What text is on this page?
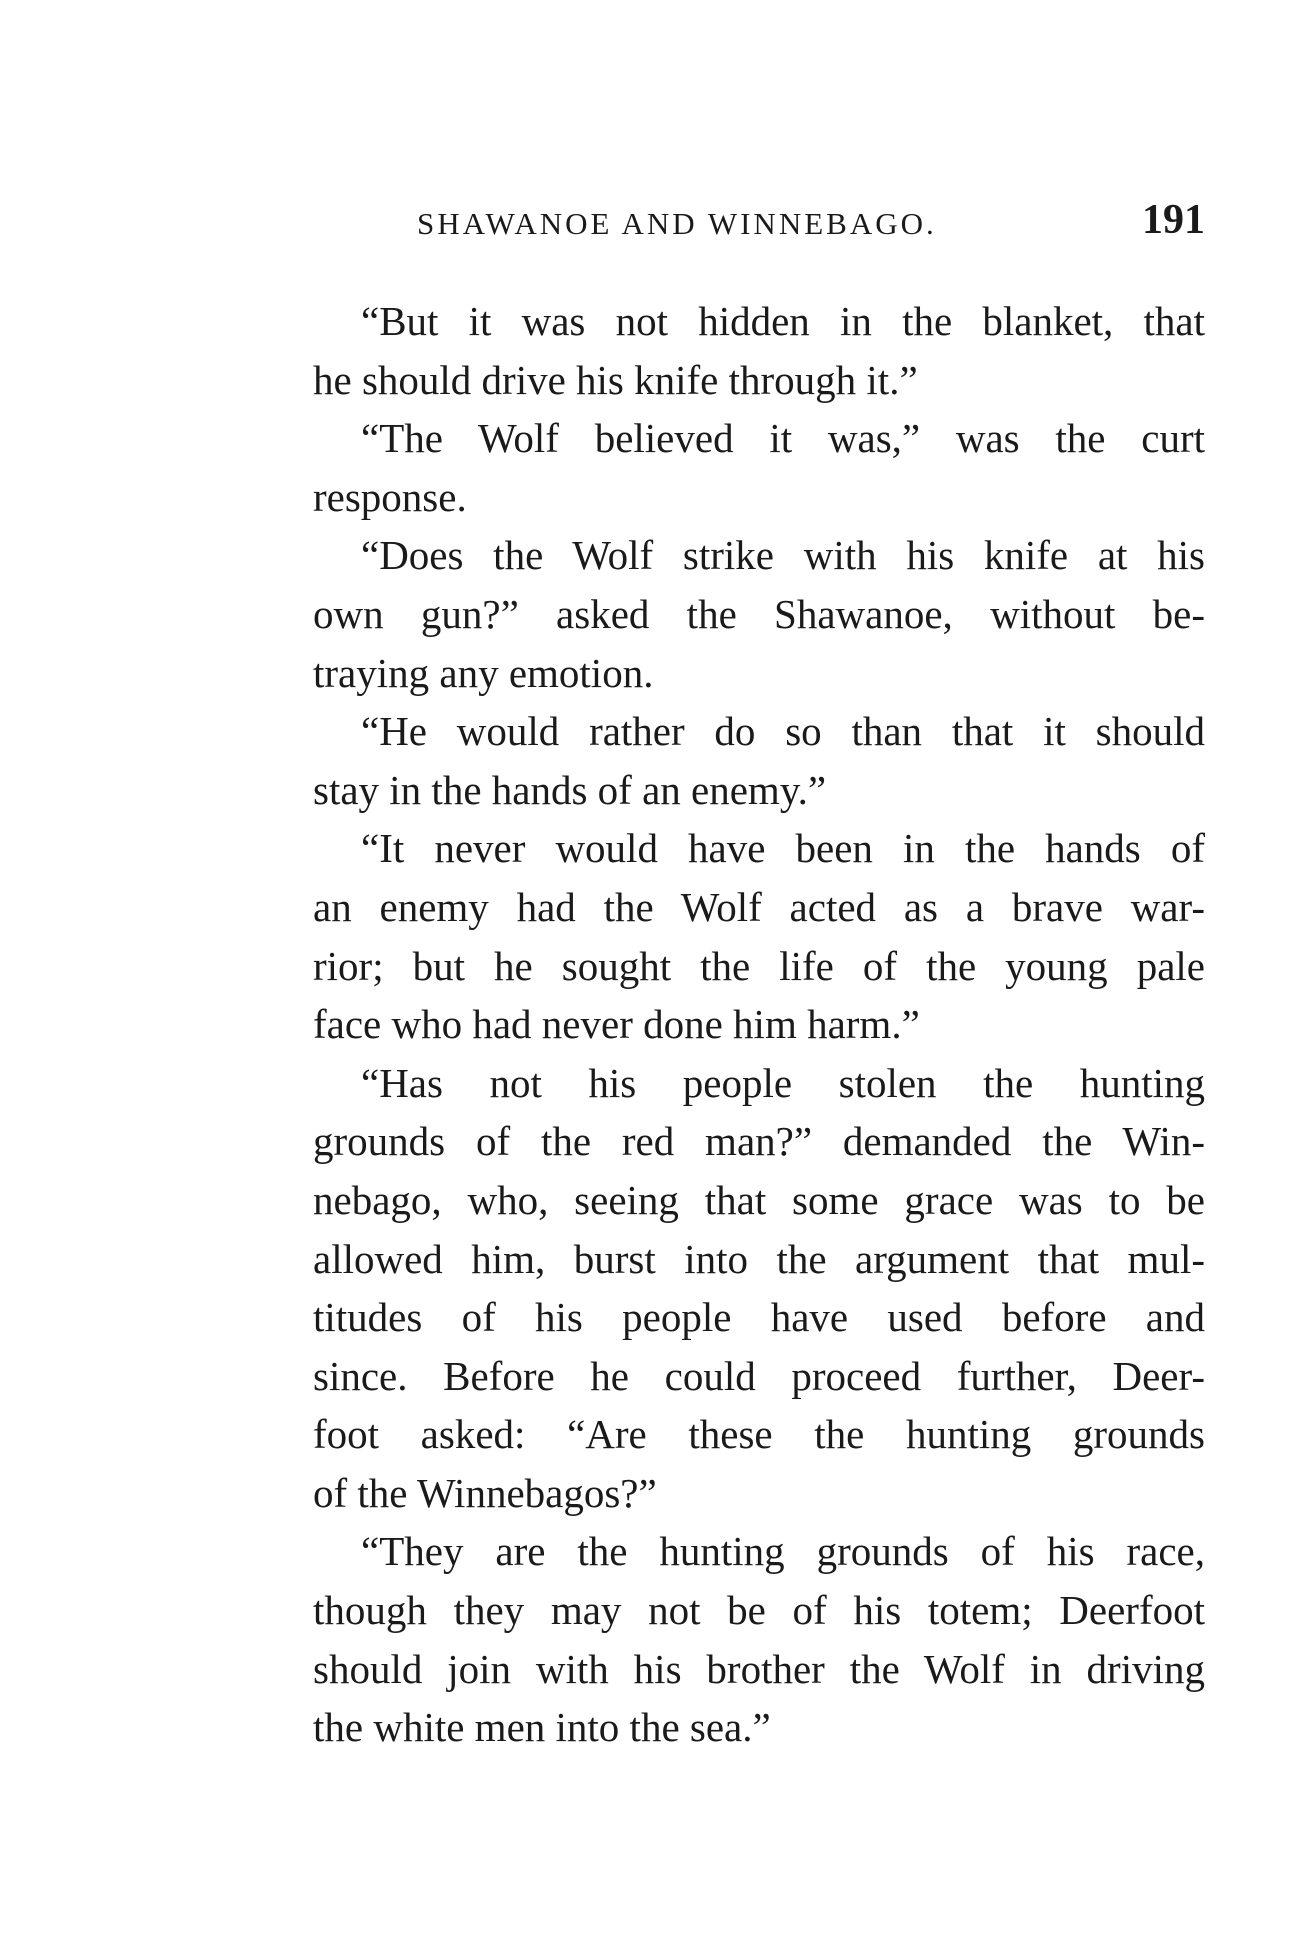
SHAWANOE AND WINNEBAGO.	191
“But it was not hidden in the blanket, that
he should drive his knife through it.”
“The Wolf believed it was,” was the curt
response.
“Does the Wolf strike with his knife at his
own gun?” asked the Shawanoe, without be-
traying any emotion.
“He would rather do so than that it should
stay in the hands of an enemy.”
“It never would have been in the hands of
an enemy had the Wolf acted as a brave war-
rior; but he sought the life of the young pale
face who had never done him harm.”
“Has not his people stolen the hunting
grounds of the red man?” demanded the Win-
nebago, who, seeing that some grace was to be
allowed him, burst into the argument that mul-
titudes of his people have used before and
since. Before he could proceed further, Deer-
foot asked: “Are these the hunting grounds
of the Winnebagos?”
“They are the hunting grounds of his race,
though they may not be of his totem; Deerfoot
should join with his brother the Wolf in driving
the white men into the sea.”
